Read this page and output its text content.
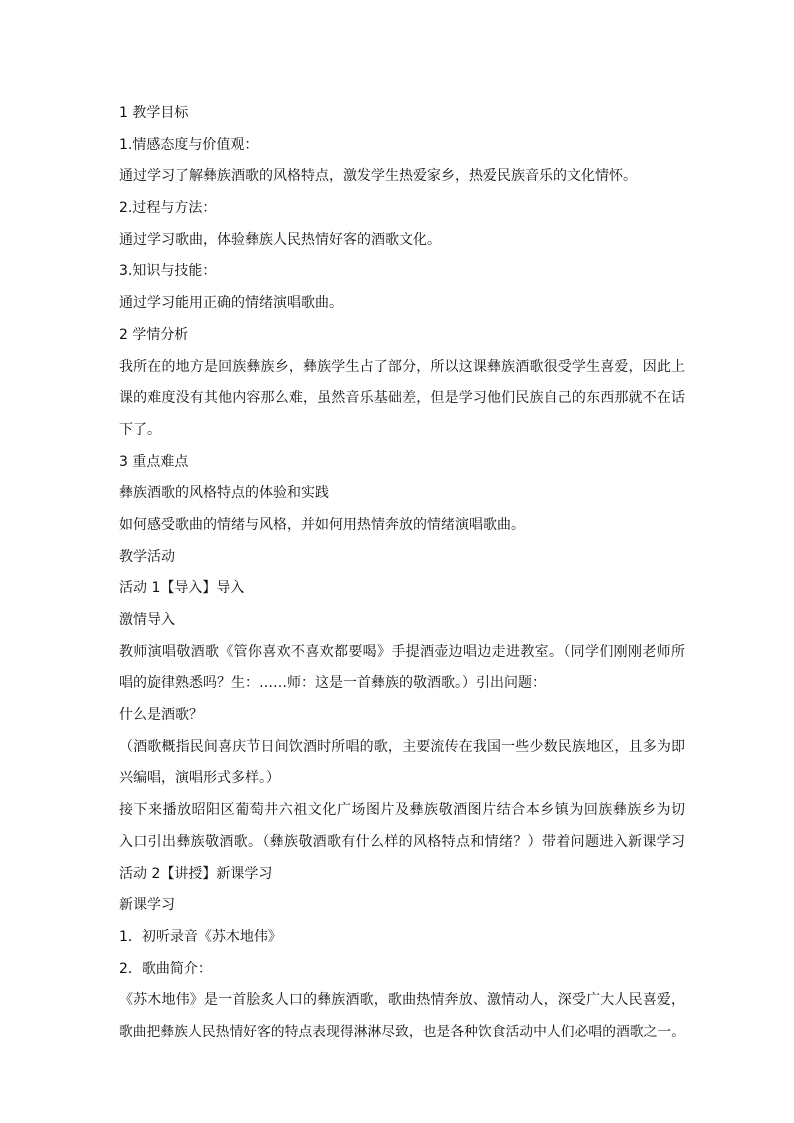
1 教学目标
1.情感态度与价值观：
通过学习了解彝族酒歌的风格特点，激发学生热爱家乡，热爱民族音乐的文化情怀。
2.过程与方法：
通过学习歌曲，体验彝族人民热情好客的酒歌文化。
3.知识与技能：
通过学习能用正确的情绪演唱歌曲。
2 学情分析
我所在的地方是回族彝族乡，彝族学生占了部分，所以这课彝族酒歌很受学生喜爱，因此上
课的难度没有其他内容那么难，虽然音乐基础差，但是学习他们民族自己的东西那就不在话
下了。
3 重点难点
彝族酒歌的风格特点的体验和实践
如何感受歌曲的情绪与风格，并如何用热情奔放的情绪演唱歌曲。
教学活动
活动 1【导入】导入
激情导入
教师演唱敬酒歌《管你喜欢不喜欢都要喝》手提酒壶边唱边走进教室。（同学们刚刚老师所
唱的旋律熟悉吗？生：……师：这是一首彝族的敬酒歌。）引出问题：
什么是酒歌？
（酒歌概指民间喜庆节日间饮酒时所唱的歌，主要流传在我国一些少数民族地区，且多为即
兴编唱，演唱形式多样。）
接下来播放昭阳区葡萄井六祖文化广场图片及彝族敬酒图片结合本乡镇为回族彝族乡为切
入口引出彝族敬酒歌。（彝族敬酒歌有什么样的风格特点和情绪？）带着问题进入新课学习
活动 2【讲授】新课学习
新课学习
1．初听录音《苏木地伟》
2．歌曲简介：
《苏木地伟》是一首脍炙人口的彝族酒歌，歌曲热情奔放、激情动人，深受广大人民喜爱，
歌曲把彝族人民热情好客的特点表现得淋淋尽致，也是各种饮食活动中人们必唱的酒歌之一。
